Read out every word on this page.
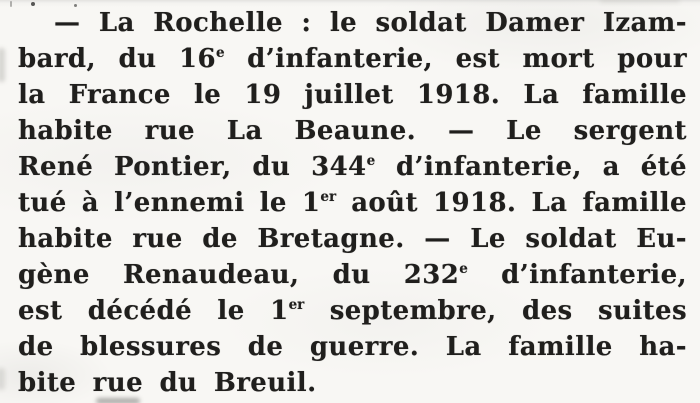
— La Rochelle : le soldat Damer Izam-
bard, du 16e d’infanterie, est mort pour
la France le 19 juillet 1918. La famille
habite rue La Beaune. — Le sergent
René Pontier, du 344e d’infanterie, a été
tué à l’ennemi le 1er août 1918. La famille
habite rue de Bretagne. — Le soldat Eu-
gène Renaudeau, du 232e d’infanterie,
est décédé le 1er septembre, des suites
de blessures de guerre. La famille ha-
bite rue du Breuil.
